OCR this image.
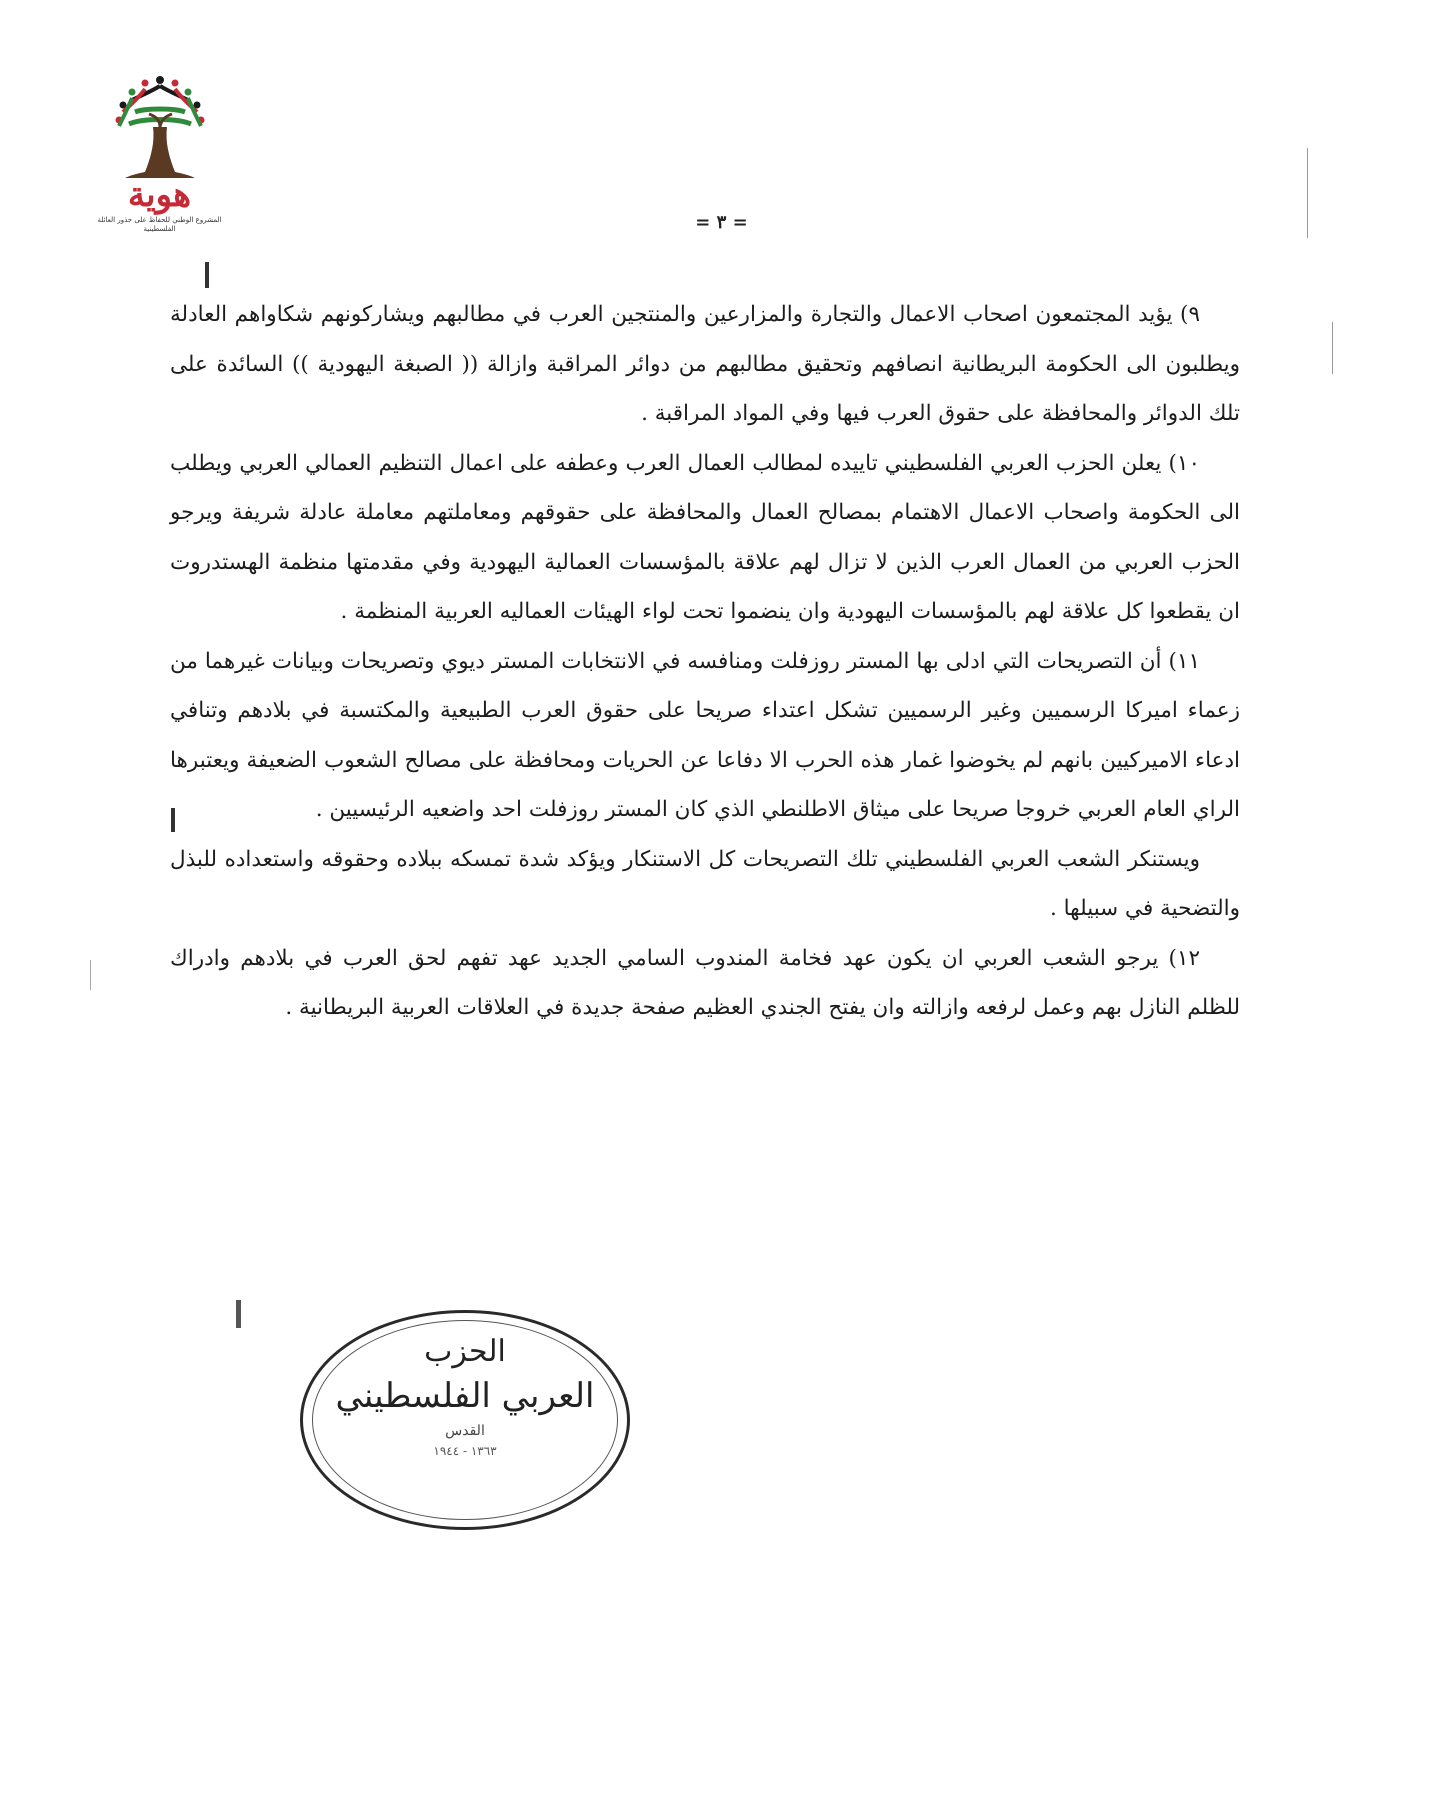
هوية
المشروع الوطني للحفاظ على جذور العائلة الفلسطينية	= ٣ =

٩) يؤيد المجتمعون اصحاب الاعمال والتجارة والمزارعين والمنتجين العرب في مطالبهم ويشاركونهم شكاواهم العادلة ويطلبون الى الحكومة البريطانية انصافهم وتحقيق مطالبهم من دوائر المراقبة وازالة (( الصبغة اليهودية )) السائدة على تلك الدوائر والمحافظة على حقوق العرب فيها وفي المواد المراقبة .

١٠) يعلن الحزب العربي الفلسطيني تاييده لمطالب العمال العرب وعطفه على اعمال التنظيم العمالي العربي ويطلب الى الحكومة واصحاب الاعمال الاهتمام بمصالح العمال والمحافظة على حقوقهم ومعاملتهم معاملة عادلة شريفة ويرجو الحزب العربي من العمال العرب الذين لا تزال لهم علاقة بالمؤسسات العمالية اليهودية وفي مقدمتها منظمة الهستدروت ان يقطعوا كل علاقة لهم بالمؤسسات اليهودية وان ينضموا تحت لواء الهيئات العماليه العربية المنظمة .

١١) أن التصريحات التي ادلى بها المستر روزفلت ومنافسه في الانتخابات المستر ديوي وتصريحات وبيانات غيرهما من زعماء اميركا الرسميين وغير الرسميين تشكل اعتداء صريحا على حقوق العرب الطبيعية والمكتسبة في بلادهم وتنافي ادعاء الاميركيين بانهم لم يخوضوا غمار هذه الحرب الا دفاعا عن الحريات ومحافظة على مصالح الشعوب الضعيفة ويعتبرها الراي العام العربي خروجا صريحا على ميثاق الاطلنطي الذي كان المستر روزفلت احد واضعيه الرئيسيين .

ويستنكر الشعب العربي الفلسطيني تلك التصريحات كل الاستنكار ويؤكد شدة تمسكه ببلاده وحقوقه واستعداده للبذل والتضحية في سبيلها .

١٢) يرجو الشعب العربي ان يكون عهد فخامة المندوب السامي الجديد عهد تفهم لحق العرب في بلادهم وادراك للظلم النازل بهم وعمل لرفعه وازالته وان يفتح الجندي العظيم صفحة جديدة في العلاقات العربية البريطانية .

الحزب
العربي الفلسطيني
القدس
١٣٦٣ - ١٩٤٤
